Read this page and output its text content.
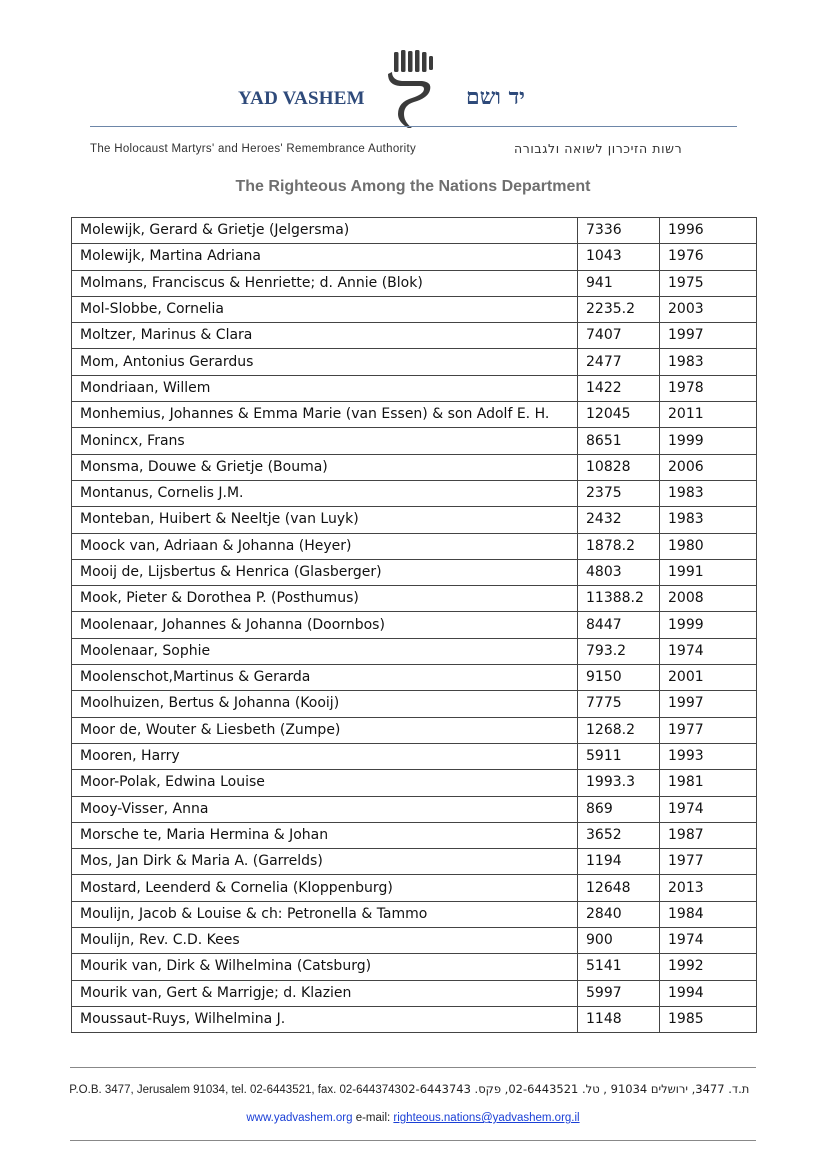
YAD VASHEM	יד ושם
The Holocaust Martyrs' and Heroes' Remembrance Authority	רשות הזיכרון לשואה ולגבורה
The Righteous Among the Nations Department
Molewijk, Gerard & Grietje (Jelgersma)	7336	1996
Molewijk, Martina Adriana	1043	1976
Molmans, Franciscus & Henriette; d. Annie (Blok)	941	1975
Mol-Slobbe, Cornelia	2235.2	2003
Moltzer, Marinus & Clara	7407	1997
Mom, Antonius Gerardus	2477	1983
Mondriaan, Willem	1422	1978
Monhemius, Johannes & Emma Marie (van Essen) & son Adolf E. H.	12045	2011
Monincx, Frans	8651	1999
Monsma, Douwe & Grietje (Bouma)	10828	2006
Montanus, Cornelis J.M.	2375	1983
Monteban, Huibert & Neeltje (van Luyk)	2432	1983
Moock van, Adriaan & Johanna (Heyer)	1878.2	1980
Mooij de, Lijsbertus & Henrica (Glasberger)	4803	1991
Mook, Pieter & Dorothea P. (Posthumus)	11388.2	2008
Moolenaar, Johannes & Johanna (Doornbos)	8447	1999
Moolenaar, Sophie	793.2	1974
Moolenschot,Martinus & Gerarda	9150	2001
Moolhuizen, Bertus & Johanna (Kooij)	7775	1997
Moor de, Wouter & Liesbeth (Zumpe)	1268.2	1977
Mooren, Harry	5911	1993
Moor-Polak, Edwina Louise	1993.3	1981
Mooy-Visser, Anna	869	1974
Morsche te, Maria Hermina & Johan	3652	1987
Mos, Jan Dirk & Maria A. (Garrelds)	1194	1977
Mostard, Leenderd & Cornelia (Kloppenburg)	12648	2013
Moulijn, Jacob & Louise & ch: Petronella & Tammo	2840	1984
Moulijn, Rev. C.D. Kees	900	1974
Mourik van, Dirk & Wilhelmina (Catsburg)	5141	1992
Mourik van, Gert & Marrigje; d. Klazien	5997	1994
Moussaut-Ruys, Wilhelmina J.	1148	1985
P.O.B. 3477, Jerusalem 91034, tel. 02-6443521, fax. 02-6443743  ת.ד. 3477, ירושלים 91034 , טל. 02-6443521, פקס. 02-6443743
www.yadvashem.org e-mail: righteous.nations@yadvashem.org.il
